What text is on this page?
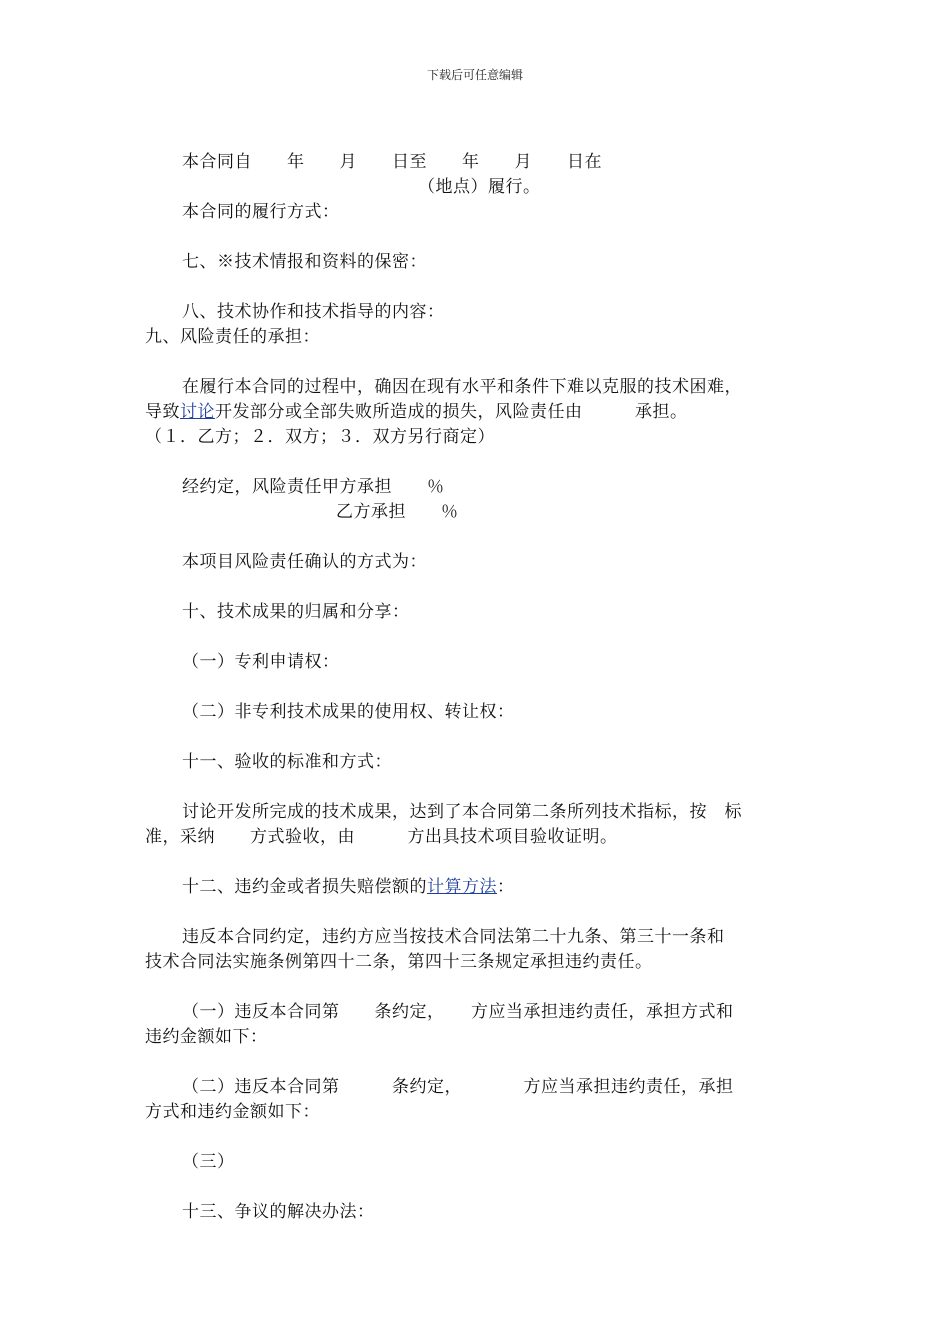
下载后可任意编辑
本合同自　　年　　月　　日至　　年　　月　　日在
（地点）履行。
本合同的履行方式：
七、※技术情报和资料的保密：
八、技术协作和技术指导的内容：
九、风险责任的承担：
在履行本合同的过程中，确因在现有水平和条件下难以克服的技术困难，
导致讨论开发部分或全部失败所造成的损失，风险责任由　　　承担。
（１．乙方；２．双方；３．双方另行商定）
经约定，风险责任甲方承担　　％
乙方承担　　％
本项目风险责任确认的方式为：
十、技术成果的归属和分享：
（一）专利申请权：
（二）非专利技术成果的使用权、转让权：
十一、验收的标准和方式：
讨论开发所完成的技术成果，达到了本合同第二条所列技术指标，按　标
准，采纳　　方式验收，由　　　方出具技术项目验收证明。
十二、违约金或者损失赔偿额的计算方法：
违反本合同约定，违约方应当按技术合同法第二十九条、第三十一条和
技术合同法实施条例第四十二条，第四十三条规定承担违约责任。
（一）违反本合同第　　条约定，　　方应当承担违约责任，承担方式和
违约金额如下：
（二）违反本合同第　　　条约定，　　　　方应当承担违约责任，承担
方式和违约金额如下：
（三）
十三、争议的解决办法：
